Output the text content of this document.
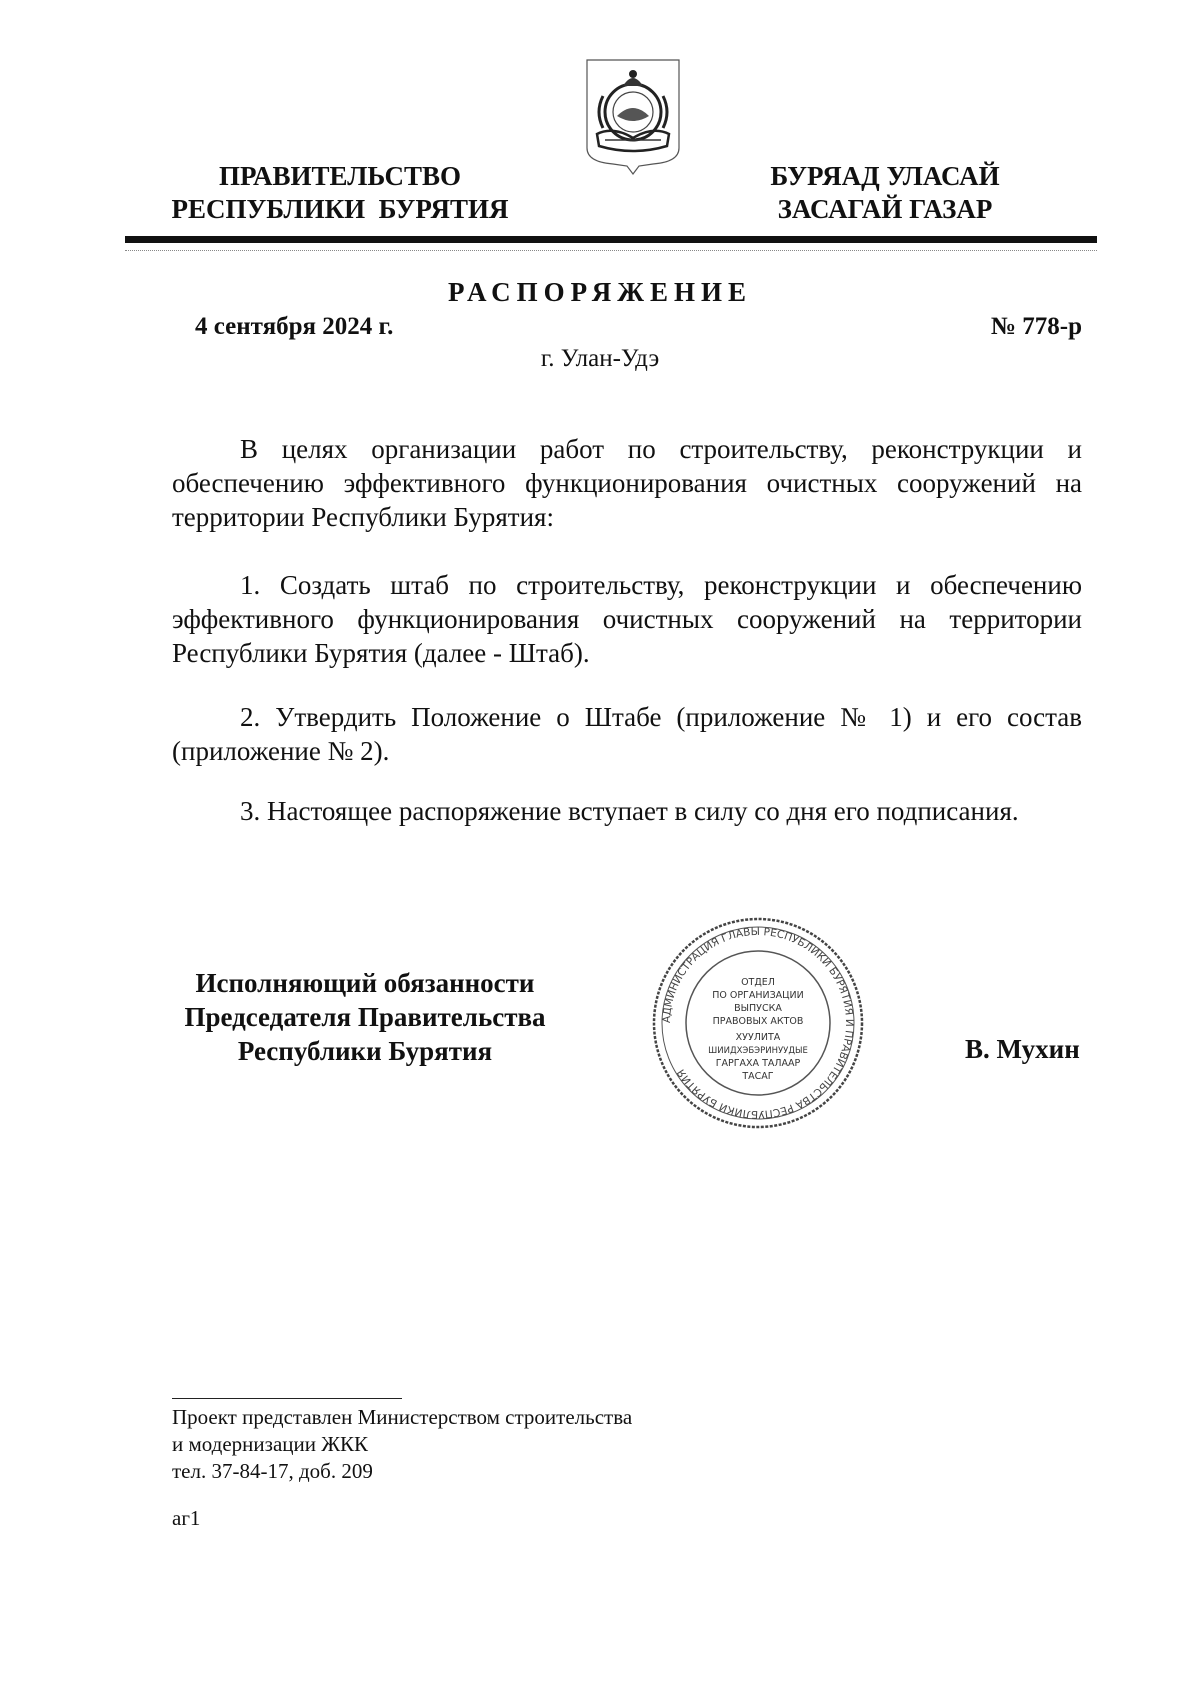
ПРАВИТЕЛЬСТВО
РЕСПУБЛИКИ  БУРЯТИЯ
БУРЯАД УЛАСАЙ
ЗАСАГАЙ ГАЗАР
РАСПОРЯЖЕНИЕ
4 сентября 2024 г.	№ 778-р
г. Улан-Удэ
В целях организации работ по строительству, реконструкции и обеспечению эффективного функционирования очистных сооружений на территории Республики Бурятия:
1. Создать штаб по строительству, реконструкции и обеспечению эффективного функционирования очистных сооружений на территории Республики Бурятия (далее - Штаб).
2. Утвердить Положение о Штабе (приложение № 1) и его состав (приложение № 2).
3. Настоящее распоряжение вступает в силу со дня его подписания.
Исполняющий обязанности
Председателя Правительства
Республики Бурятия
АДМИНИСТРАЦИЯ ГЛАВЫ РЕСПУБЛИКИ БУРЯТИЯ И ПРАВИТЕЛЬСТВА РЕСПУБЛИКИ БУРЯТИЯ
ОТДЕЛ
ПО ОРГАНИЗАЦИИ
ВЫПУСКА
ПРАВОВЫХ АКТОВ
ХУУЛИТА
ШИИДХЭБЭРИНУУДЫЕ
ГАРГАХА ТАЛААР
ТАСАГ
В. Мухин
Проект представлен Министерством строительства
и модернизации ЖКК
тел. 37-84-17, доб. 209
аг1
